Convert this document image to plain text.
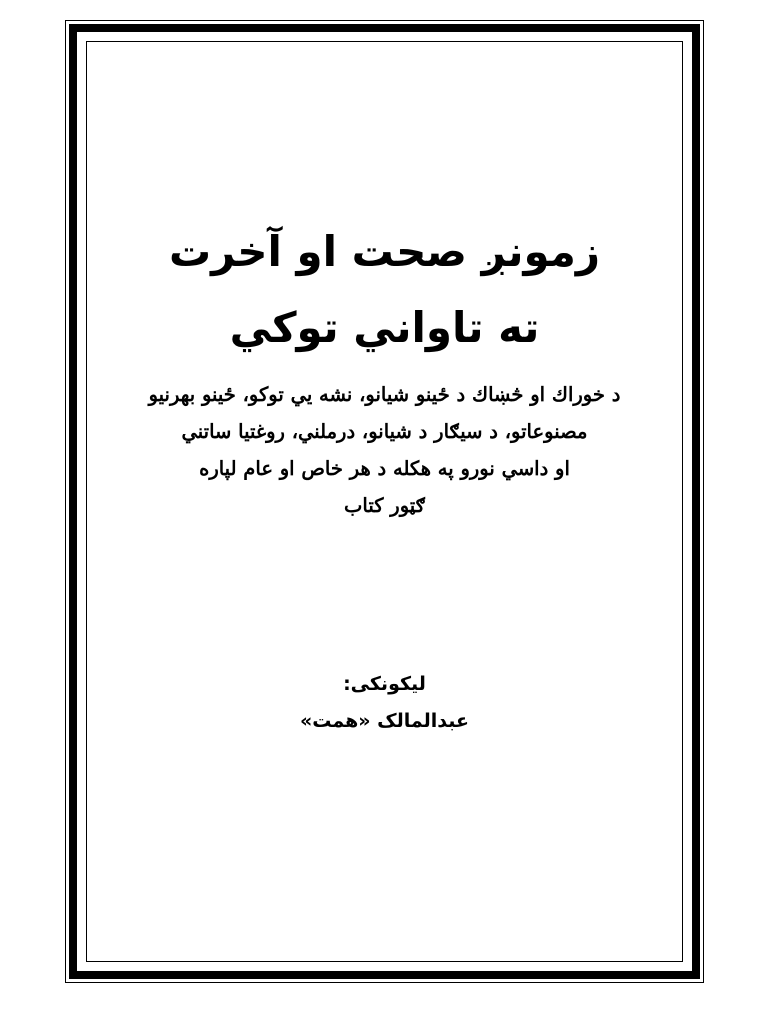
زمونږ صحت او آخرت
ته تاواني توکي
د خوراك او څښاك د ځينو شيانو، نشه يي توكو، ځينو بهرنيو
مصنوعاتو، د سيګار د شيانو، درملني، روغتيا ساتني
او داسي نورو په هكله د هر خاص او عام لپاره
ګټور كتاب
ليکونکی:
عبدالمالک «همت»
